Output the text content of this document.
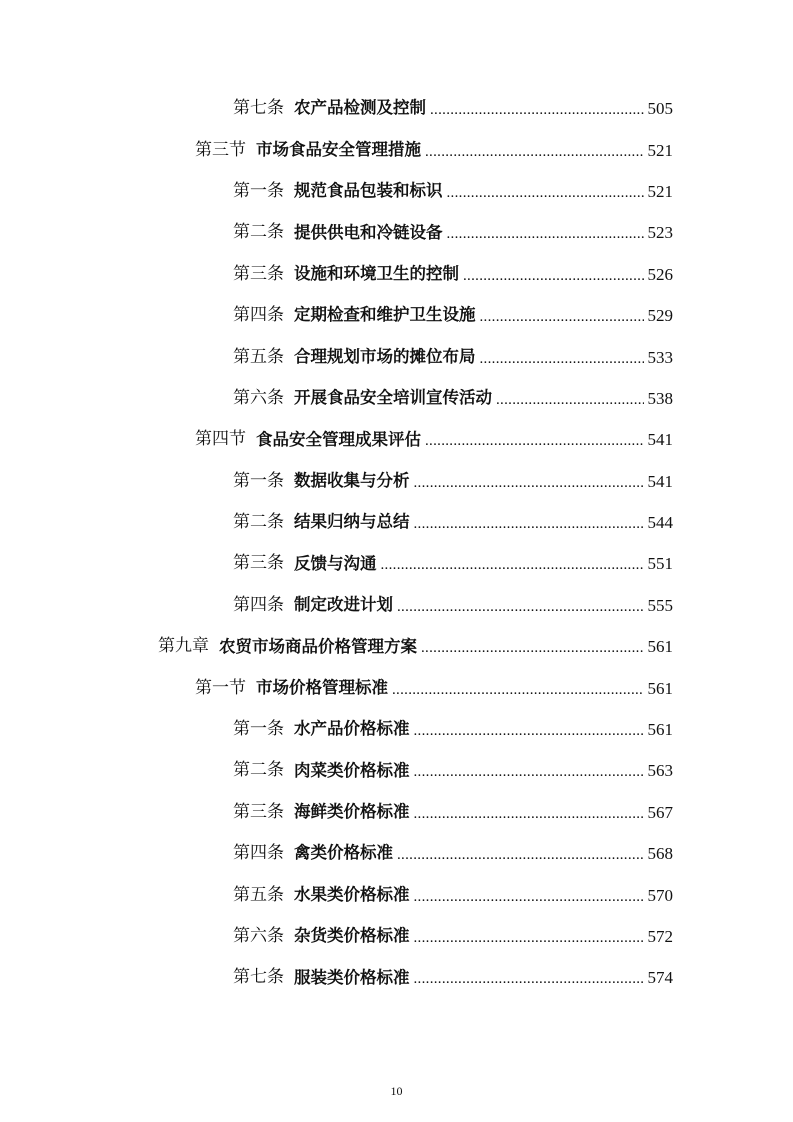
第七条 农产品检测及控制 .....	505
第三节 市场食品安全管理措施 .....	521
第一条 规范食品包装和标识 .....	521
第二条 提供供电和冷链设备 .....	523
第三条 设施和环境卫生的控制 .....	526
第四条 定期检查和维护卫生设施 .....	529
第五条 合理规划市场的摊位布局 .....	533
第六条 开展食品安全培训宣传活动 .....	538
第四节 食品安全管理成果评估 .....	541
第一条 数据收集与分析 .....	541
第二条 结果归纳与总结 .....	544
第三条 反馈与沟通 .....	551
第四条 制定改进计划 .....	555
第九章 农贸市场商品价格管理方案 .....	561
第一节 市场价格管理标准 .....	561
第一条 水产品价格标准 .....	561
第二条 肉菜类价格标准 .....	563
第三条 海鲜类价格标准 .....	567
第四条 禽类价格标准 .....	568
第五条 水果类价格标准 .....	570
第六条 杂货类价格标准 .....	572
第七条 服装类价格标准 .....	574
10
